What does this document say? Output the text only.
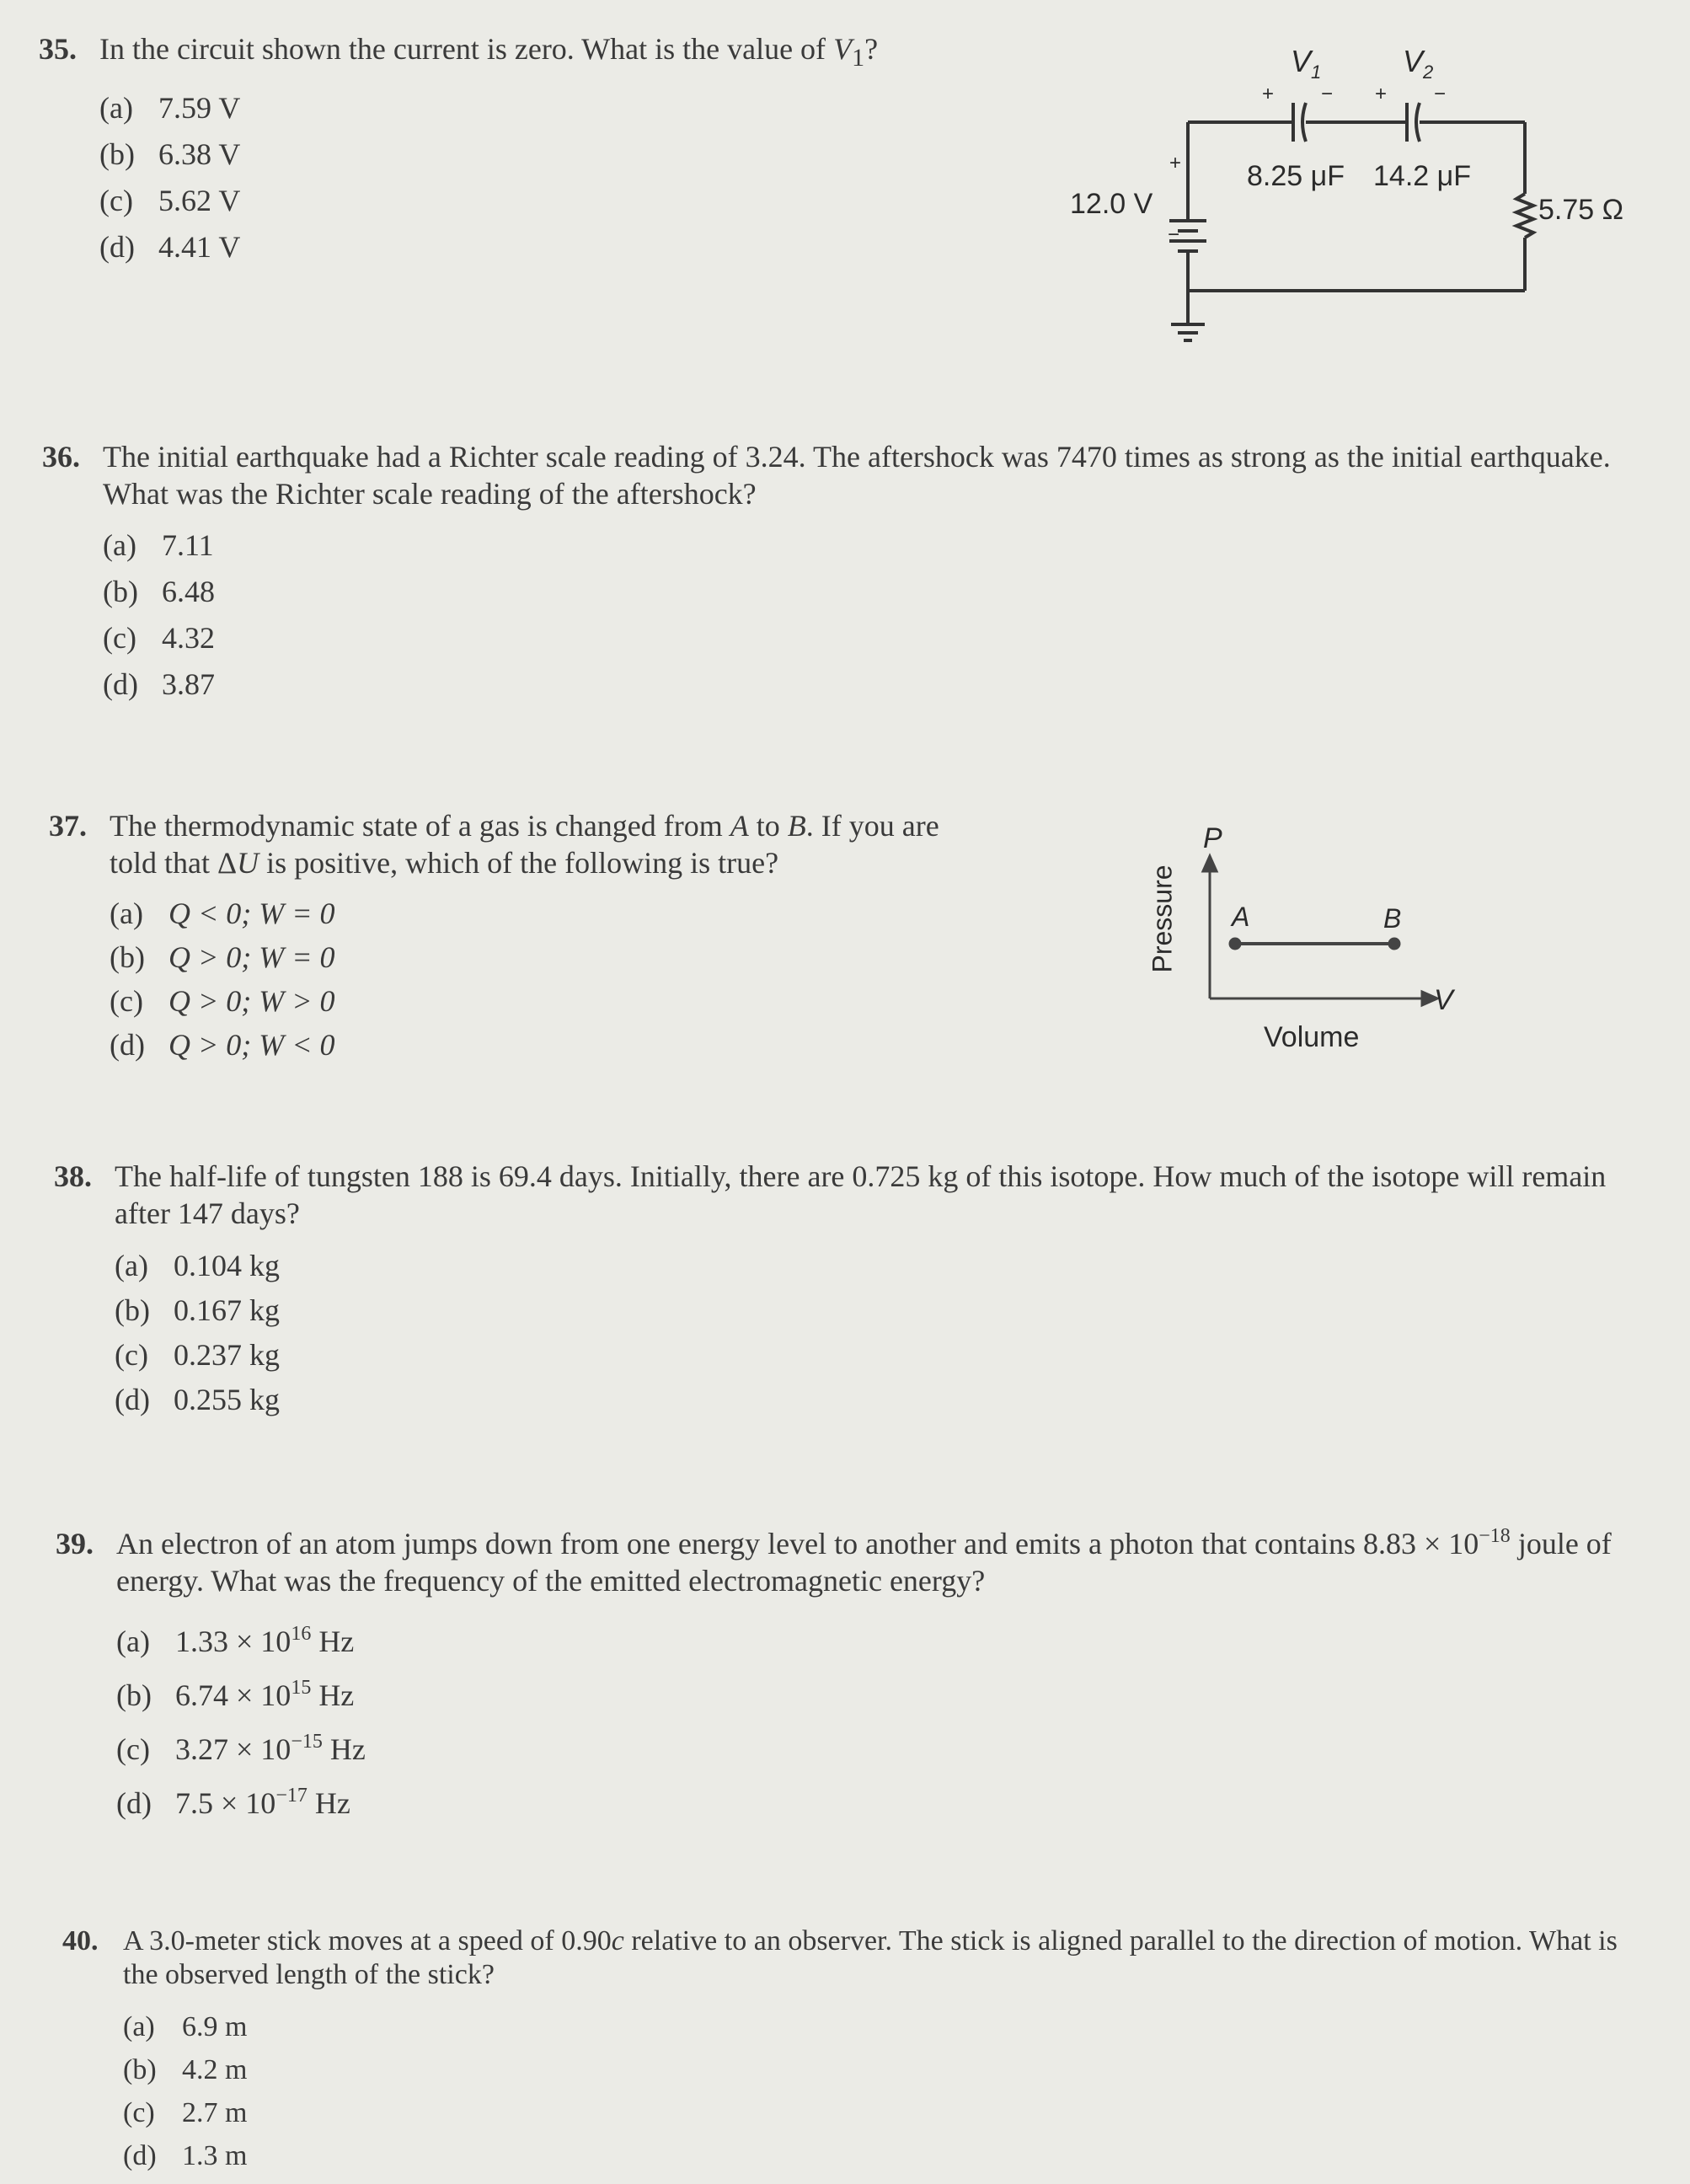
35. In the circuit shown the current is zero. What is the value of $V_1$?
(a) 7.59 V
(b) 6.38 V
(c) 5.62 V
(d) 4.41 V
$V_1$	$V_2$
+ − + −
8.25 μF 14.2 μF
12.0 V
+
−
5.75 Ω
36. The initial earthquake had a Richter scale reading of 3.24. The aftershock was 7470 times as strong as the initial earthquake. What was the Richter scale reading of the aftershock?
(a) 7.11
(b) 6.48
(c) 4.32
(d) 3.87
37. The thermodynamic state of a gas is changed from A to B. If you are told that ΔU is positive, which of the following is true?
(a) Q < 0; W = 0
(b) Q > 0; W = 0
(c) Q > 0; W > 0
(d) Q > 0; W < 0
P
V
Pressure
Volume
A	B
38. The half-life of tungsten 188 is 69.4 days. Initially, there are 0.725 kg of this isotope. How much of the isotope will remain after 147 days?
(a) 0.104 kg
(b) 0.167 kg
(c) 0.237 kg
(d) 0.255 kg
39. An electron of an atom jumps down from one energy level to another and emits a photon that contains $8.83 \times 10^{-18}$ joule of energy. What was the frequency of the emitted electromagnetic energy?
(a) $1.33 \times 10^{16}$ Hz
(b) $6.74 \times 10^{15}$ Hz
(c) $3.27 \times 10^{-15}$ Hz
(d) $7.5 \times 10^{-17}$ Hz
40. A 3.0-meter stick moves at a speed of 0.90c relative to an observer. The stick is aligned parallel to the direction of motion. What is the observed length of the stick?
(a) 6.9 m
(b) 4.2 m
(c) 2.7 m
(d) 1.3 m
